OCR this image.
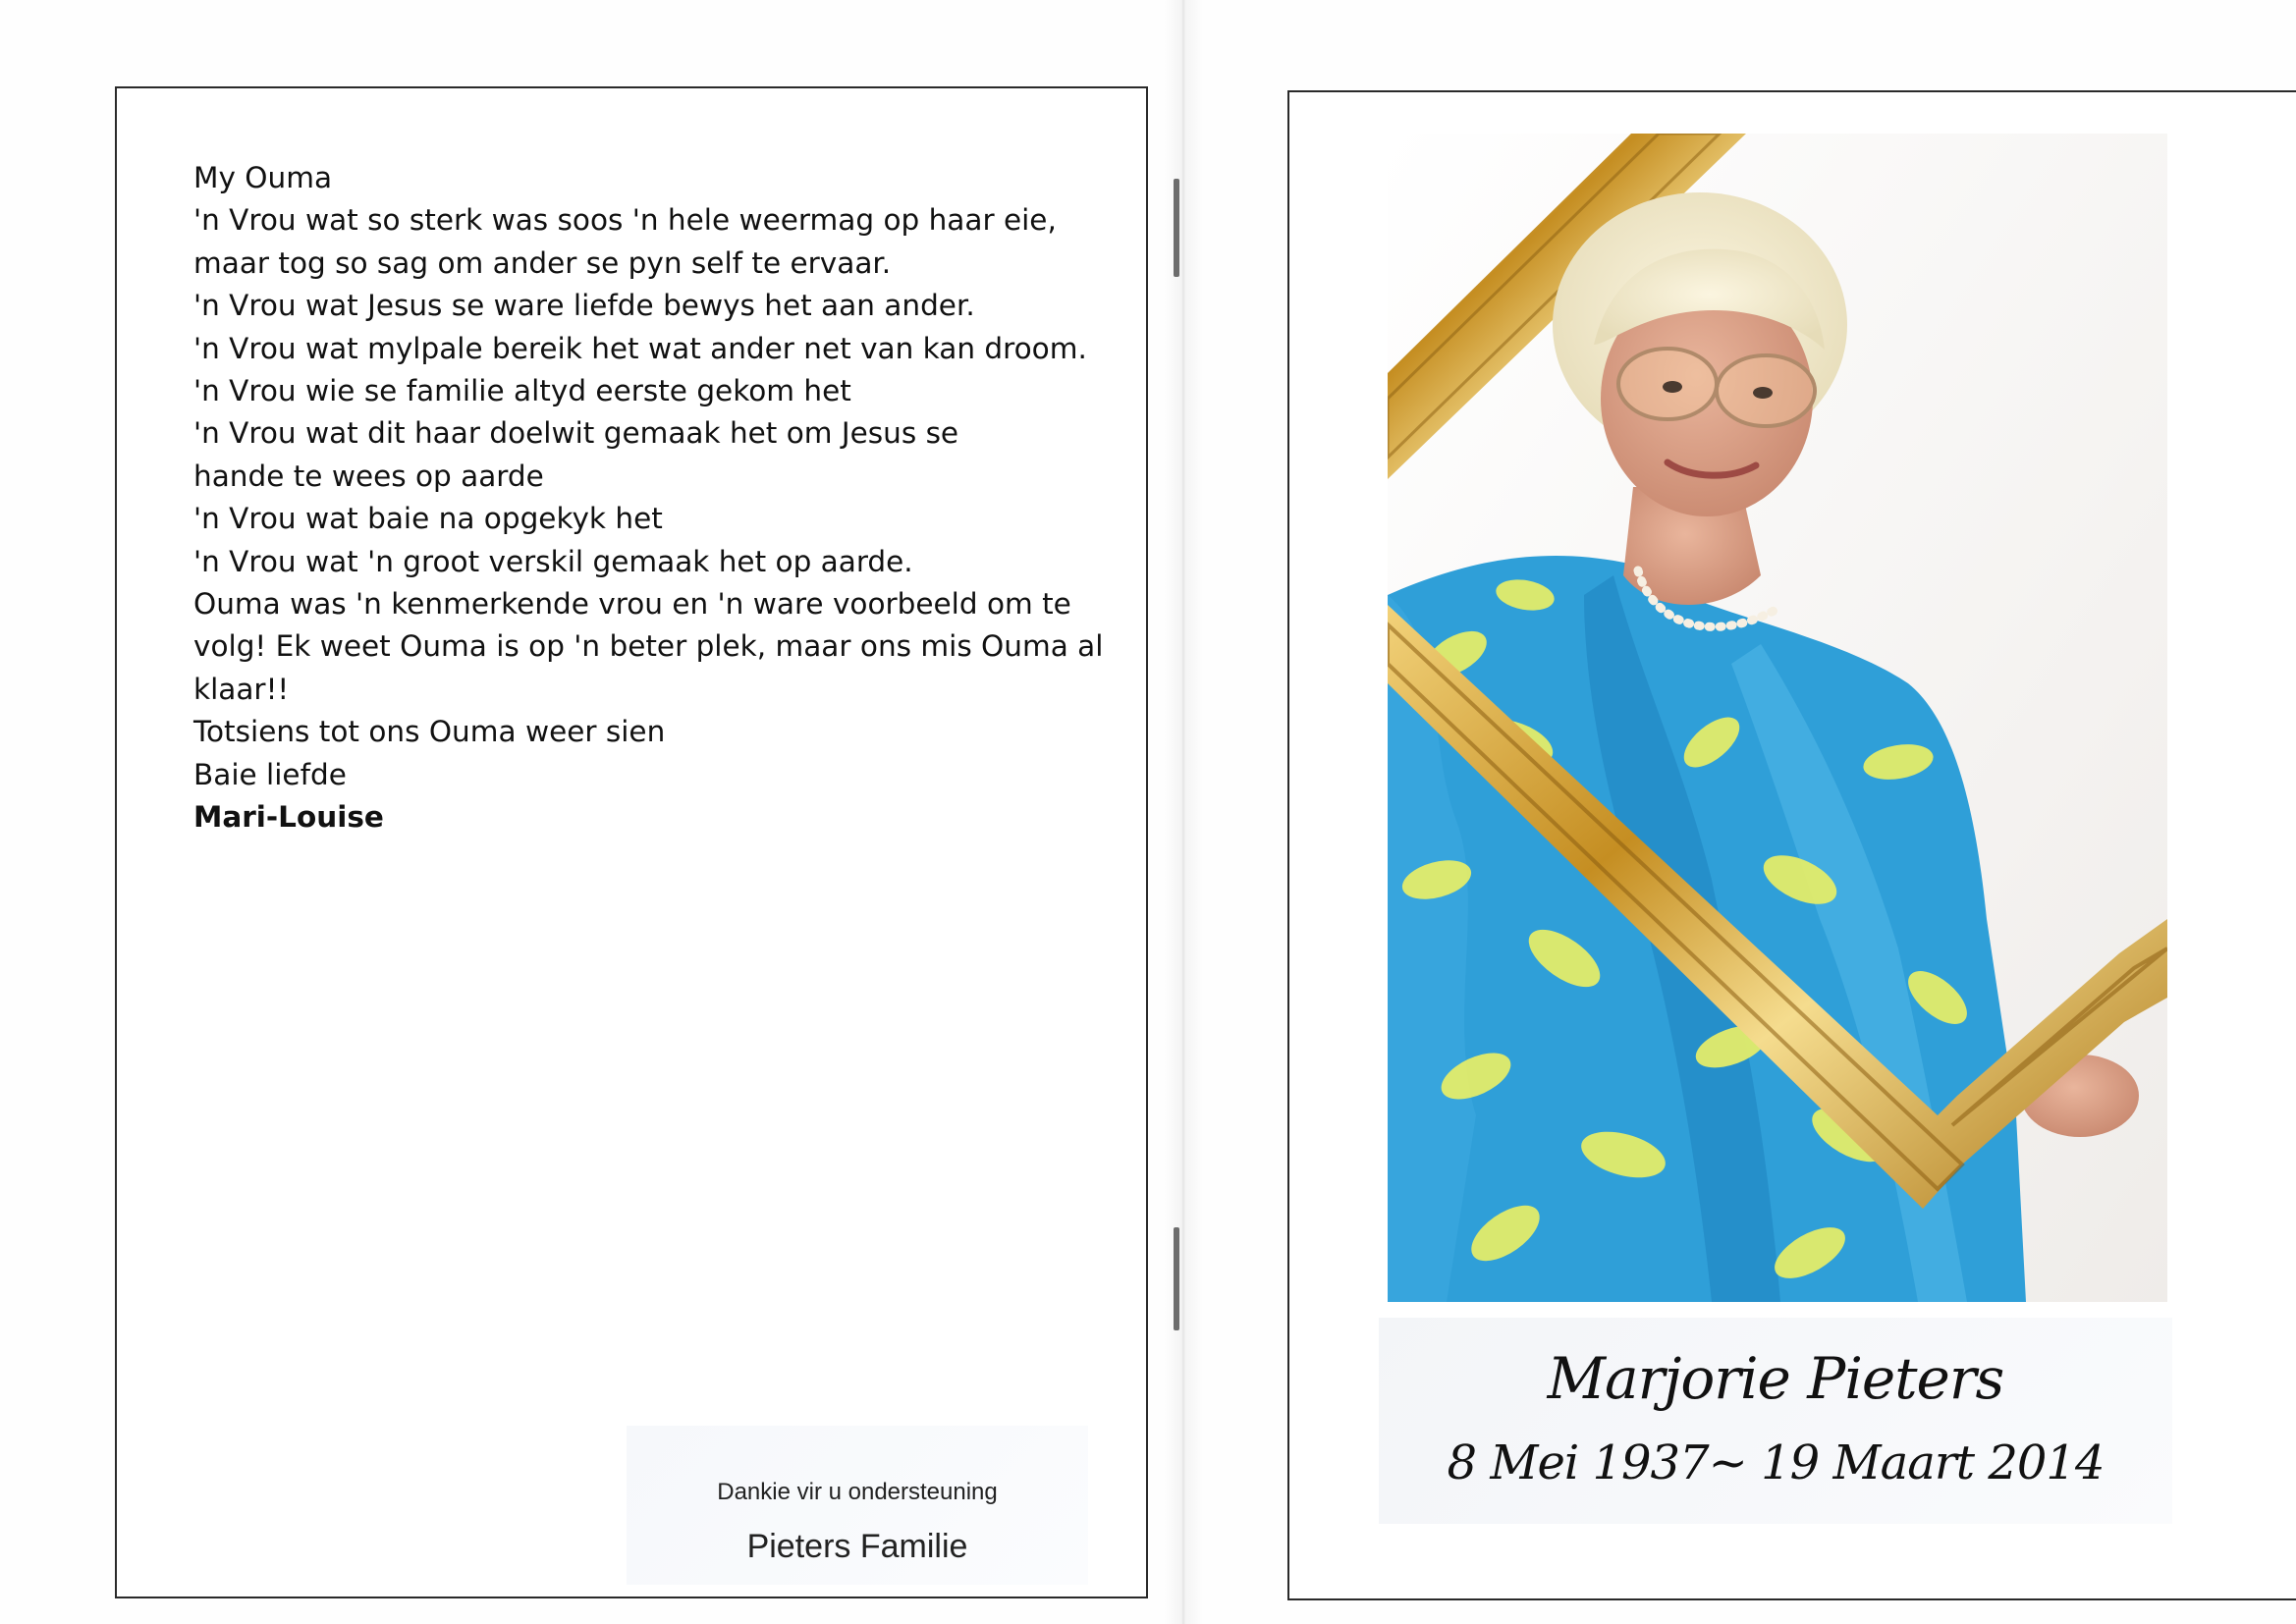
My Ouma
'n Vrou wat so sterk was soos 'n hele weermag op haar eie,
maar tog so sag om ander se pyn self te ervaar.
'n Vrou wat Jesus se ware liefde bewys het aan ander.
'n Vrou wat mylpale bereik het wat ander net van kan droom.
'n Vrou wie se familie altyd eerste gekom het
'n Vrou wat dit haar doelwit gemaak het om Jesus se
hande te wees op aarde
'n Vrou wat baie na opgekyk het
'n Vrou wat 'n groot verskil gemaak het op aarde.
Ouma was 'n kenmerkende vrou en 'n ware voorbeeld om te
volg! Ek weet Ouma is op 'n beter plek, maar ons mis Ouma al
klaar!!
Totsiens tot ons Ouma weer sien
Baie liefde
Mari-Louise
Dankie vir u ondersteuning
Pieters Familie
Marjorie Pieters
8 Mei 1937~ 19 Maart 2014
